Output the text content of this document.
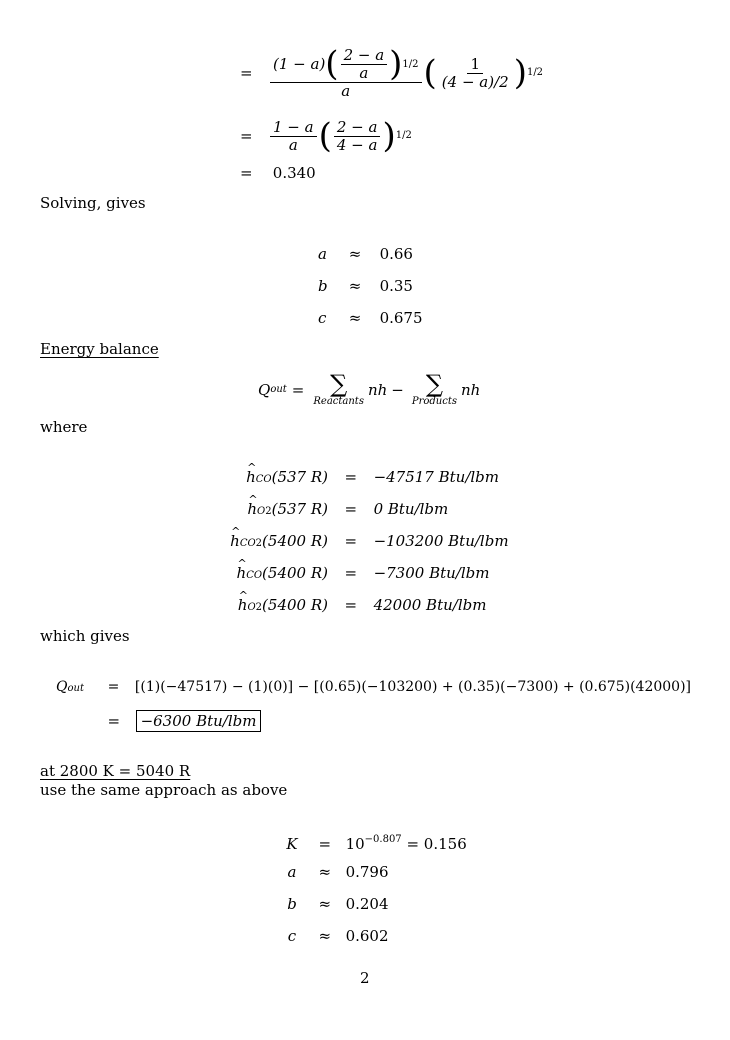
=
(1 − a) ( $\frac{2 - a}{a}$ ) 1/2
a ( $\frac{1}{(4 - a)/2}$ ) 1/2
=	$\frac{1 - a}{a}$ ( $\frac{2 - a}{4 - a}$ ) 1/2
= 0.340
Solving, gives
a ≈ 0.66
b ≈ 0.35
c ≈ 0.675
Energy balance
Q out = ∑
Reactants
nh − ∑
Products
nh
where
^ hCO(537 R) = −47517 Btu/lbm
^ hO2(537 R) = 0 Btu/lbm
^ hCO2(5400 R) = −103200 Btu/lbm
^ hCO(5400 R) = −7300 Btu/lbm
^ hO2(5400 R) = 42000 Btu/lbm
which gives
Qout = [(1)(−47517) − (1)(0)] − [(0.65)(−103200) + (0.35)(−7300) + (0.675)(42000)]
= −6300 Btu/lbm
at 2800 K = 5040 R
use the same approach as above
$K = 10^{-0.807} = 0.156$
a ≈ 0.796
b ≈ 0.204
c ≈ 0.602
2
